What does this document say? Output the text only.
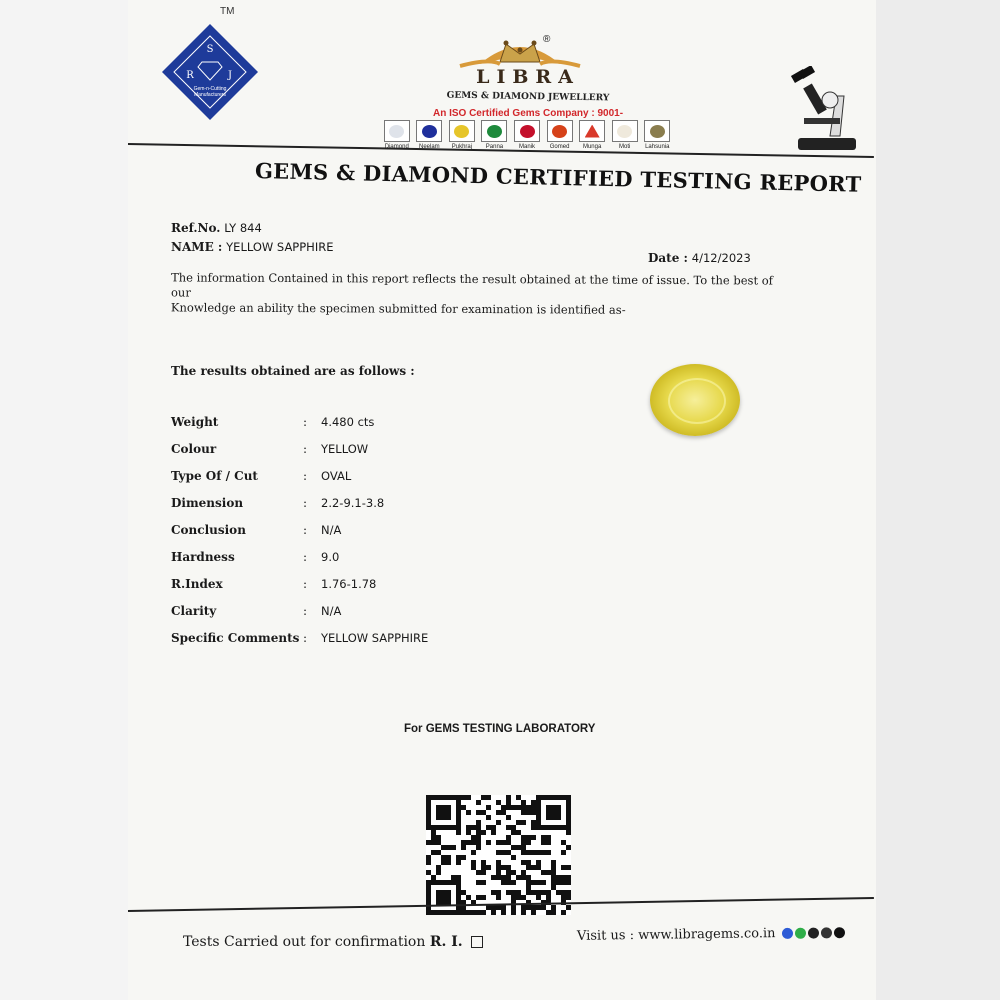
S
R	J
Gem-n-Cutting
Manufacturers
TM
®
LIBRA
GEMS & DIAMOND JEWELLERY
An ISO Certified Gems Company : 9001-
Neelam	Pukhraj	Panna	Manik	Gomed	Munga	Moti	Lahsunia
GEMS & DIAMOND CERTIFIED TESTING REPORT
Ref.No. LY 844
NAME : YELLOW SAPPHIRE
Date : 4/12/2023
The information Contained in this report reflects the result obtained at the time of issue. To the best of our
Knowledge an ability the specimen submitted for examination is identified as-
The results obtained are as follows :
Weight	: 4.480 cts
Colour	: YELLOW
Type Of / Cut	: OVAL
Dimension	: 2.2-9.1-3.8
Conclusion	: N/A
Hardness	: 9.0
R.Index	: 1.76-1.78
Clarity	: N/A
Specific Comments : YELLOW SAPPHIRE
For GEMS TESTING LABORATORY
Tests Carried out for confirmation R. I.	Visit us : www.libragems.co.in
